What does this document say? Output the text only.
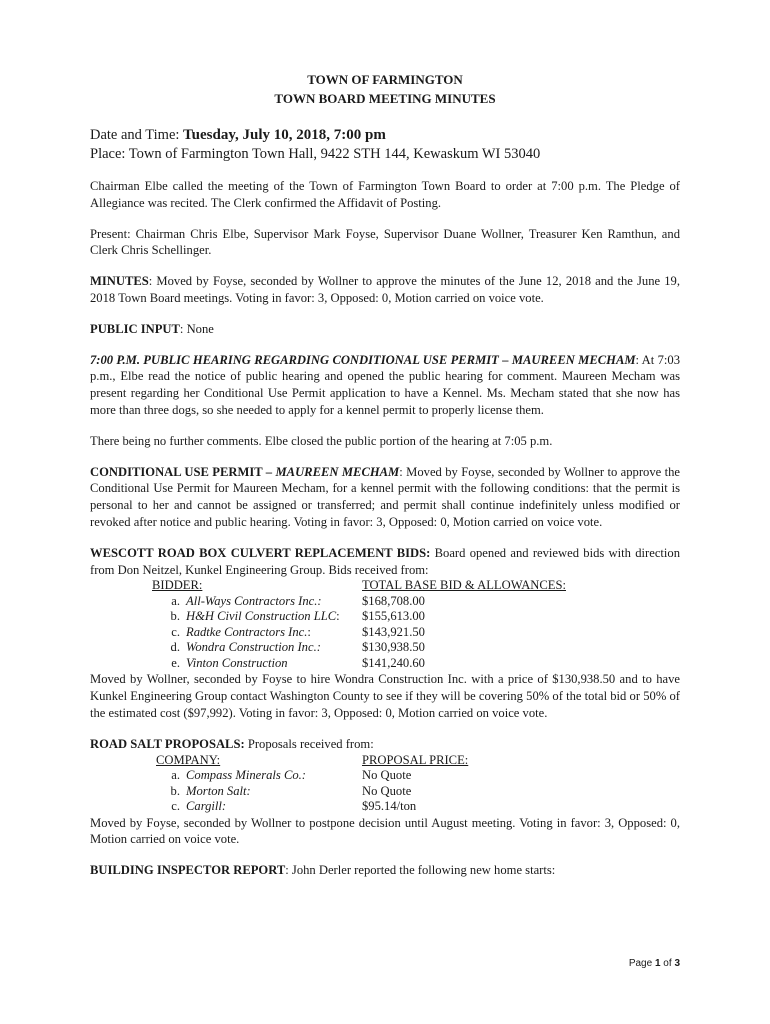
TOWN OF FARMINGTON
TOWN BOARD MEETING MINUTES
Date and Time: Tuesday, July 10, 2018, 7:00 pm
Place: Town of Farmington Town Hall, 9422 STH 144, Kewaskum WI 53040

Chairman Elbe called the meeting of the Town of Farmington Town Board to order at 7:00 p.m. The Pledge of Allegiance was recited. The Clerk confirmed the Affidavit of Posting.

Present: Chairman Chris Elbe, Supervisor Mark Foyse, Supervisor Duane Wollner, Treasurer Ken Ramthun, and Clerk Chris Schellinger.

MINUTES: Moved by Foyse, seconded by Wollner to approve the minutes of the June 12, 2018 and the June 19, 2018 Town Board meetings. Voting in favor: 3, Opposed: 0, Motion carried on voice vote.

PUBLIC INPUT: None

7:00 P.M. PUBLIC HEARING REGARDING CONDITIONAL USE PERMIT – MAUREEN MECHAM: At 7:03 p.m., Elbe read the notice of public hearing and opened the public hearing for comment. Maureen Mecham was present regarding her Conditional Use Permit application to have a Kennel. Ms. Mecham stated that she now has more than three dogs, so she needed to apply for a kennel permit to properly license them.

There being no further comments. Elbe closed the public portion of the hearing at 7:05 p.m.

CONDITIONAL USE PERMIT – MAUREEN MECHAM: Moved by Foyse, seconded by Wollner to approve the Conditional Use Permit for Maureen Mecham, for a kennel permit with the following conditions: that the permit is personal to her and cannot be assigned or transferred; and permit shall continue indefinitely unless modified or revoked after notice and public hearing. Voting in favor: 3, Opposed: 0, Motion carried on voice vote.

WESCOTT ROAD BOX CULVERT REPLACEMENT BIDS: Board opened and reviewed bids with direction from Don Neitzel, Kunkel Engineering Group. Bids received from:

BIDDER:	TOTAL BASE BID & ALLOWANCES:
a. All-Ways Contractors Inc.:	$168,708.00
b. H&H Civil Construction LLC:	$155,613.00
c. Radtke Contractors Inc.:	$143,921.50
d. Wondra Construction Inc.:	$130,938.50
e. Vinton Construction	$141,240.60

Moved by Wollner, seconded by Foyse to hire Wondra Construction Inc. with a price of $130,938.50 and to have Kunkel Engineering Group contact Washington County to see if they will be covering 50% of the total bid or 50% of the estimated cost ($97,992). Voting in favor: 3, Opposed: 0, Motion carried on voice vote.

ROAD SALT PROPOSALS: Proposals received from:

COMPANY:	PROPOSAL PRICE:
a. Compass Minerals Co.:	No Quote
b. Morton Salt:	No Quote
c. Cargill:	$95.14/ton

Moved by Foyse, seconded by Wollner to postpone decision until August meeting. Voting in favor: 3, Opposed: 0, Motion carried on voice vote.

BUILDING INSPECTOR REPORT: John Derler reported the following new home starts:

Page 1 of 3
